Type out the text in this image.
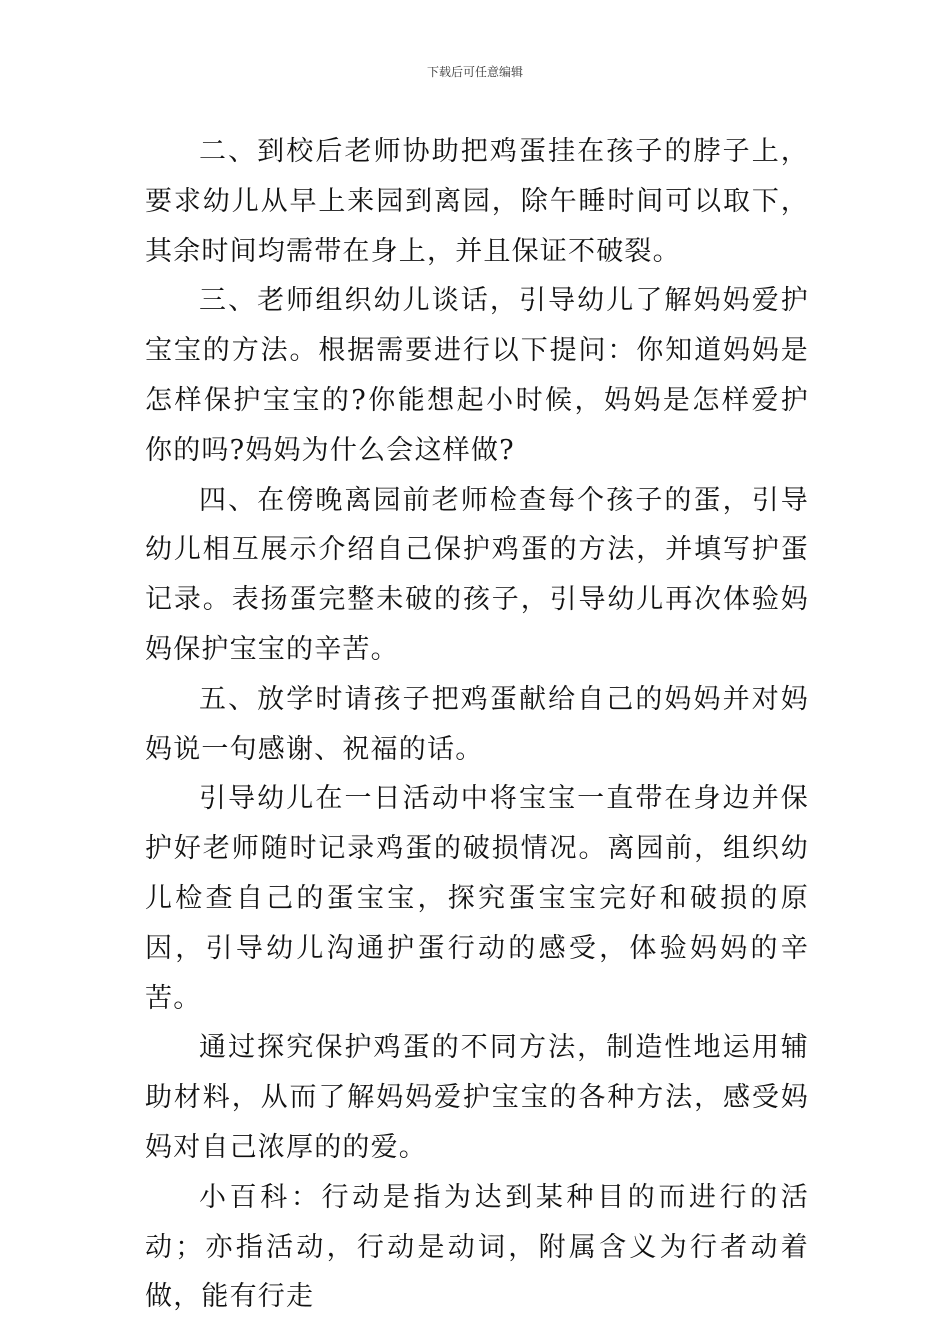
下载后可任意编辑

二、到校后老师协助把鸡蛋挂在孩子的脖子上，要求幼儿从早上来园到离园，除午睡时间可以取下，其余时间均需带在身上，并且保证不破裂。

三、老师组织幼儿谈话，引导幼儿了解妈妈爱护宝宝的方法。根据需要进行以下提问：你知道妈妈是怎样保护宝宝的?你能想起小时候，妈妈是怎样爱护你的吗?妈妈为什么会这样做?

四、在傍晚离园前老师检查每个孩子的蛋，引导幼儿相互展示介绍自己保护鸡蛋的方法，并填写护蛋记录。表扬蛋完整未破的孩子，引导幼儿再次体验妈妈保护宝宝的辛苦。

五、放学时请孩子把鸡蛋献给自己的妈妈并对妈妈说一句感谢、祝福的话。

引导幼儿在一日活动中将宝宝一直带在身边并保护好老师随时记录鸡蛋的破损情况。离园前，组织幼儿检查自己的蛋宝宝，探究蛋宝宝完好和破损的原因，引导幼儿沟通护蛋行动的感受，体验妈妈的辛苦。

通过探究保护鸡蛋的不同方法，制造性地运用辅助材料，从而了解妈妈爱护宝宝的各种方法，感受妈妈对自己浓厚的的爱。

小百科：行动是指为达到某种目的而进行的活动；亦指活动，行动是动词，附属含义为行者动着做，能有行走
